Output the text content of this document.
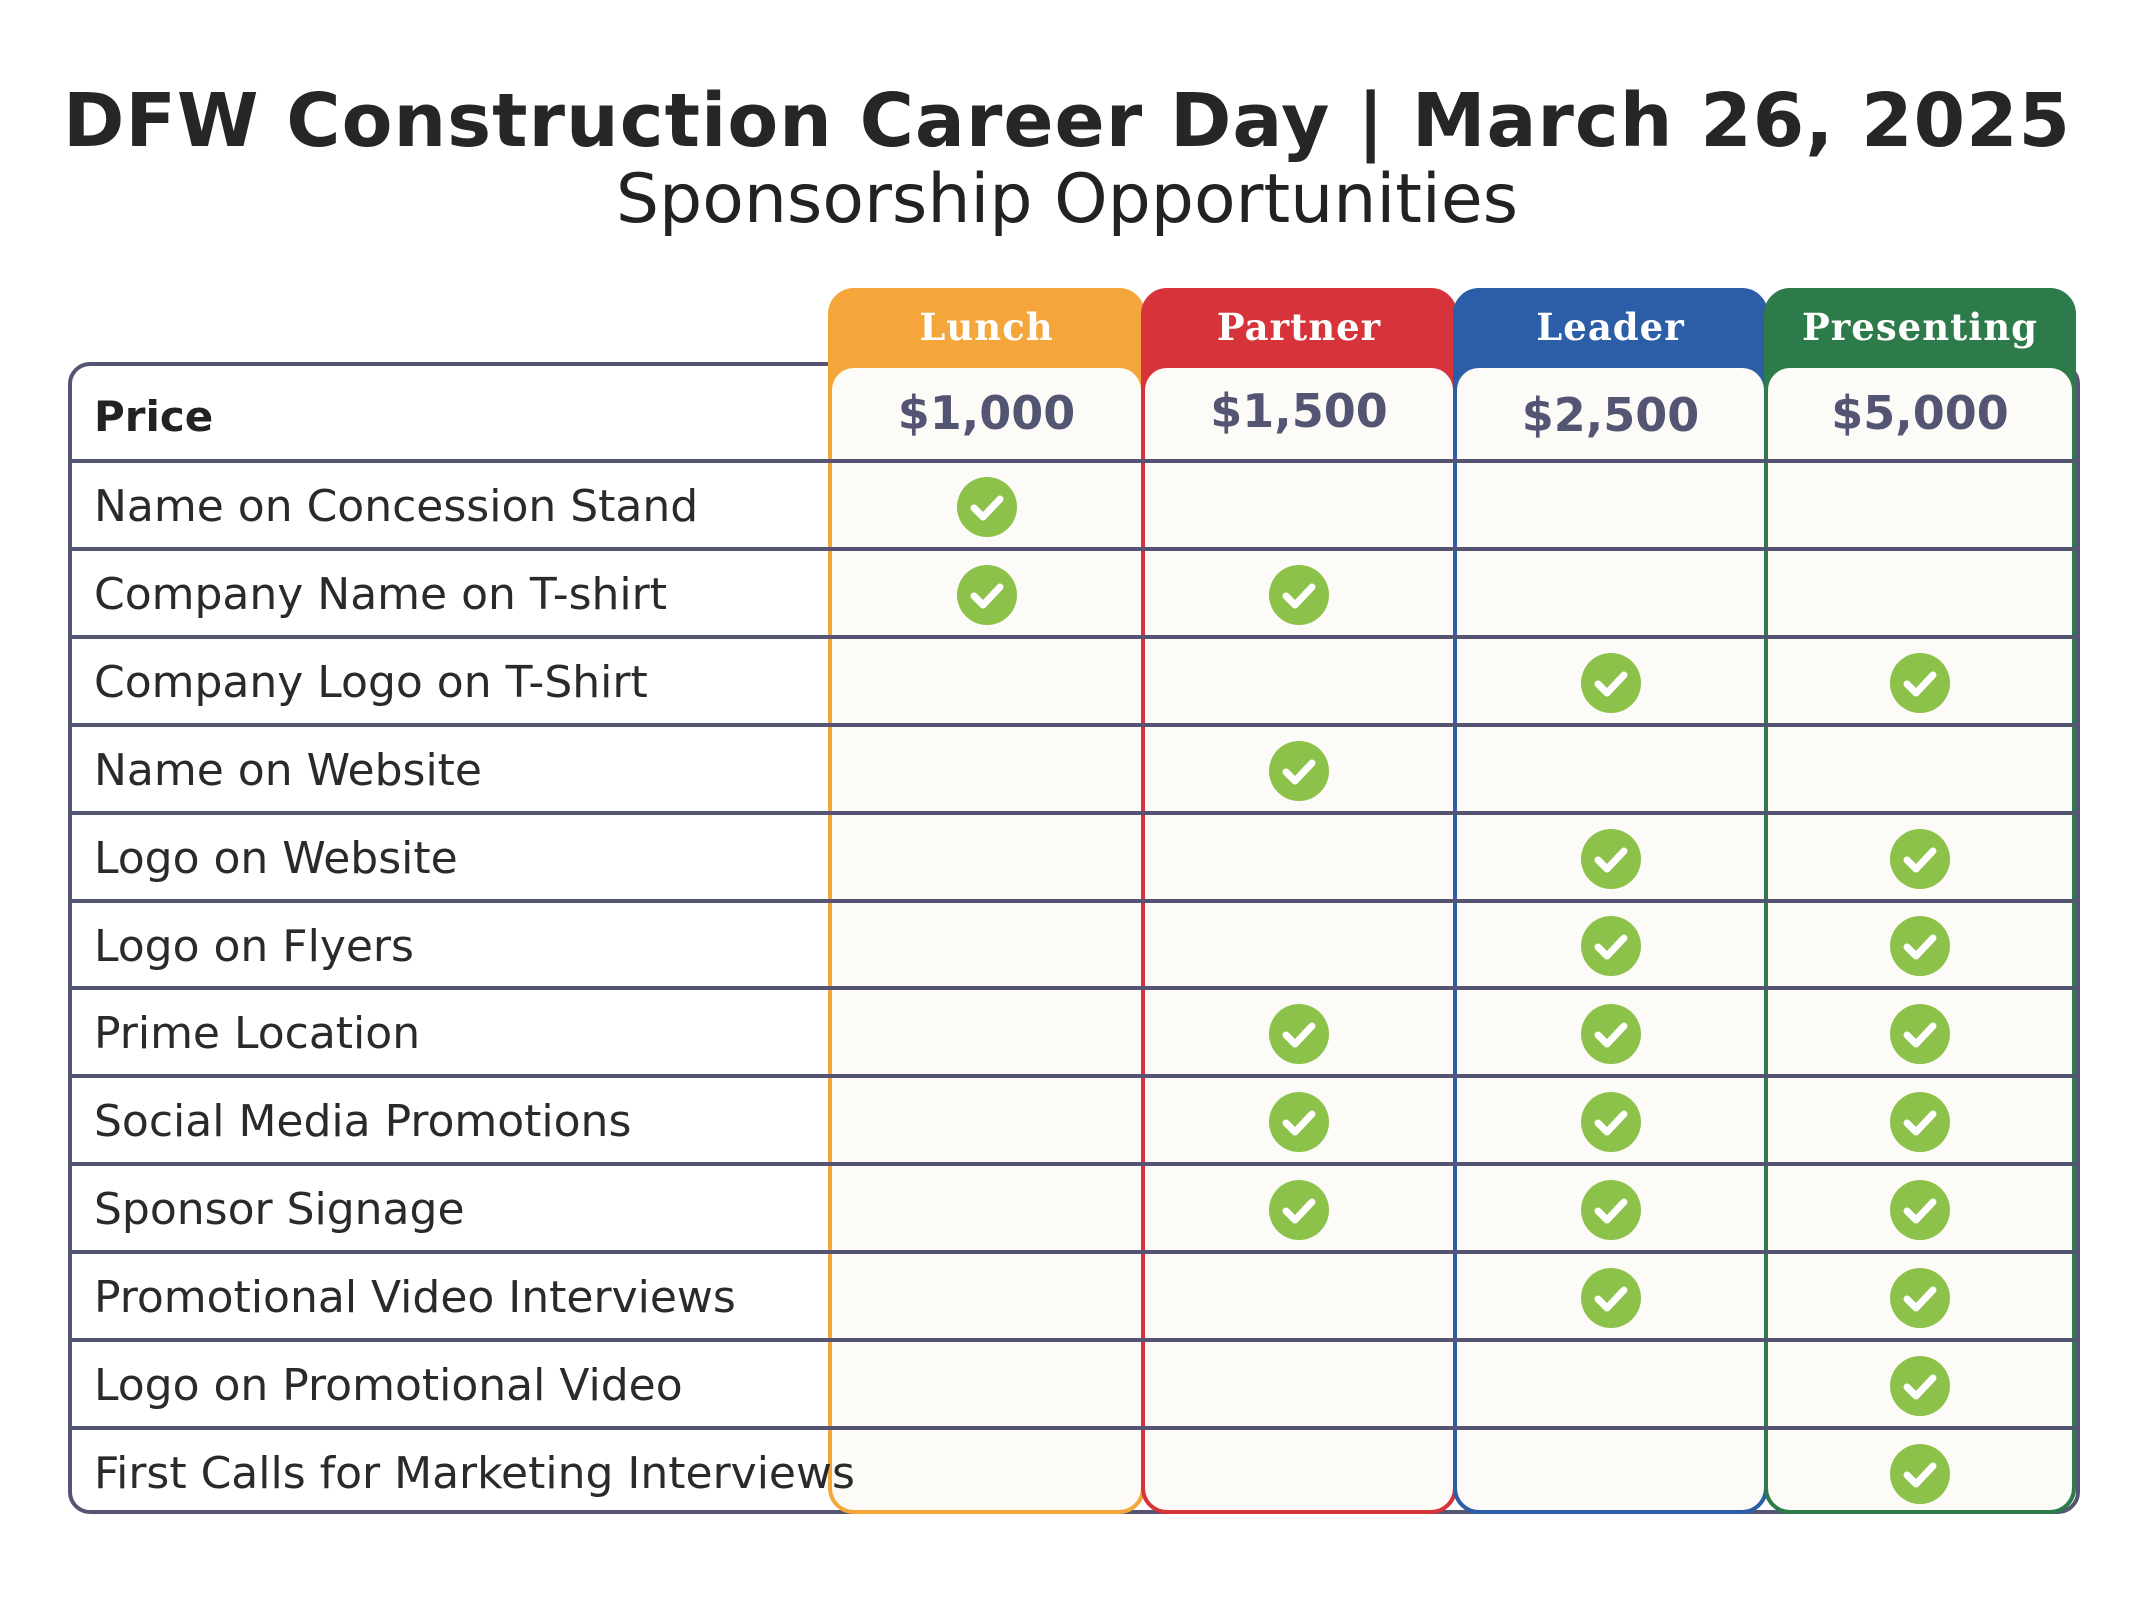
DFW Construction Career Day | March 26, 2025
Sponsorship Opportunities
Lunch
$1,000
Partner
$1,500
Leader
$2,500
Presenting
$5,000
Price
Name on Concession Stand
Company Name on T-shirt
Company Logo on T-Shirt
Name on Website
Logo on Website
Logo on Flyers
Prime Location
Social Media Promotions
Sponsor Signage
Promotional Video Interviews
Logo on Promotional Video
First Calls for Marketing Interviews
